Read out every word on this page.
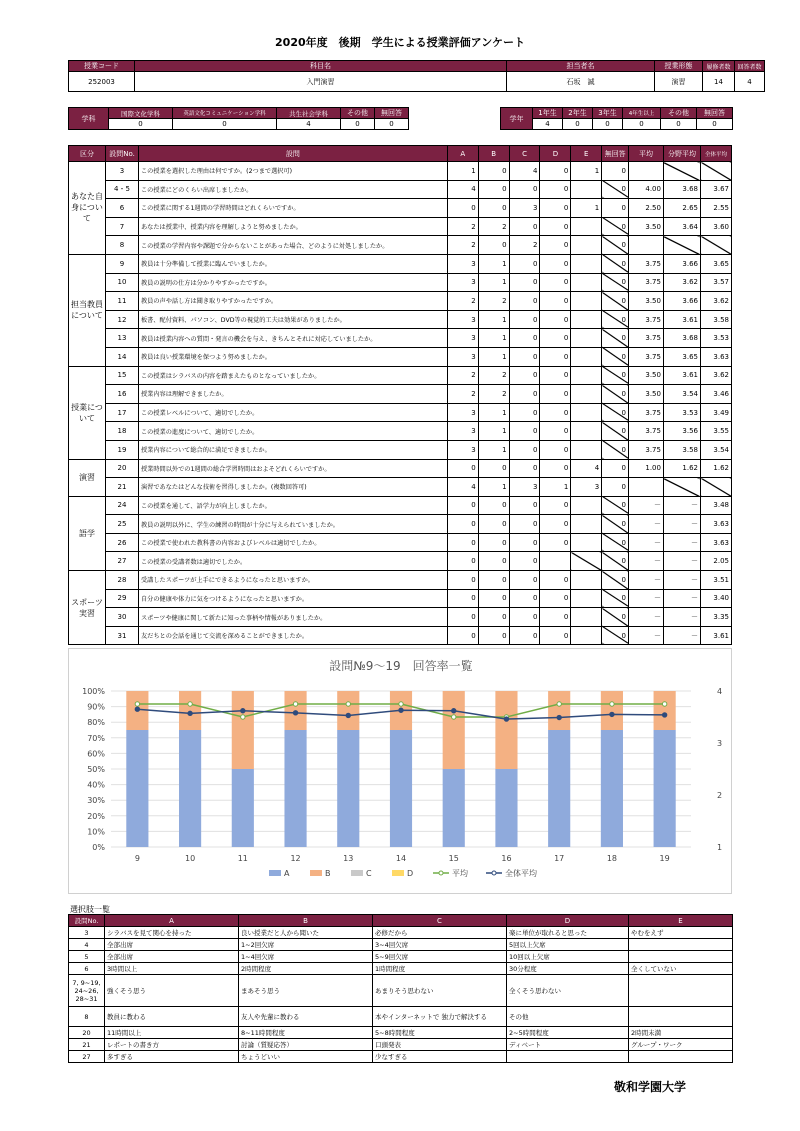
2020年度　後期　学生による授業評価アンケート
授業コード	科目名	担当者名	授業形態	履修者数	回答者数
252003	入門演習	石坂　誠	演習	14	4
学科	国際文化学科	英語文化コミュニケーション学科	共生社会学科	その他	無回答
	0	0	4	0	0
学年	1年生	2年生	3年生	4年生以上	その他	無回答
	4	0	0	0	0	0
区分	設問No.	設問	A	B	C	D	E	無回答	平均	分野平均	全体平均
あなた自身について	3	この授業を選択した理由は何ですか。(2つまで選択可)	1	0	4	0	1	0			
	4・5	この授業にどのくらい出席しましたか。	4	0	0	0		0	4.00	3.68	3.67
	6	この授業に関する1週間の学習時間はどれくらいですか。	0	0	3	0	1	0	2.50	2.65	2.55
	7	あなたは授業中、授業内容を理解しようと努めましたか。	2	2	0	0		0	3.50	3.64	3.60
	8	この授業の学習内容や課題で分からないことがあった場合、どのように対処しましたか。	2	0	2	0		0			
担当教員について	9	教員は十分準備して授業に臨んでいましたか。	3	1	0	0		0	3.75	3.66	3.65
	10	教員の説明の仕方は分かりやすかったですか。	3	1	0	0		0	3.75	3.62	3.57
	11	教員の声や話し方は聞き取りやすかったですか。	2	2	0	0		0	3.50	3.66	3.62
	12	板書、配付資料、パソコン、DVD等の視覚的工夫は効果がありましたか。	3	1	0	0		0	3.75	3.61	3.58
	13	教員は授業内容への質問・発言の機会を与え、きちんとそれに対応していましたか。	3	1	0	0		0	3.75	3.68	3.53
	14	教員は良い授業環境を保つよう努めましたか。	3	1	0	0		0	3.75	3.65	3.63
授業について	15	この授業はシラバスの内容を踏まえたものとなっていましたか。	2	2	0	0		0	3.50	3.61	3.62
	16	授業内容は理解できましたか。	2	2	0	0		0	3.50	3.54	3.46
	17	この授業レベルについて、適切でしたか。	3	1	0	0		0	3.75	3.53	3.49
	18	この授業の進度について、適切でしたか。	3	1	0	0		0	3.75	3.56	3.55
	19	授業内容について総合的に満足できましたか。	3	1	0	0		0	3.75	3.58	3.54
演習	20	授業時間以外での1週間の総合学習時間はおよそどれくらいですか。	0	0	0	0	4	0	1.00	1.62	1.62
	21	演習であなたはどんな技術を習得しましたか。(複数回答可)	4	1	3	1	3	0			
語学	24	この授業を通して、語学力が向上しましたか。	0	0	0	0		0	－	－	3.48
	25	教員の説明以外に、学生の練習の時間が十分に与えられていましたか。	0	0	0	0		0	－	－	3.63
	26	この授業で使われた教科書の内容およびレベルは適切でしたか。	0	0	0	0		0	－	－	3.63
	27	この授業の受講者数は適切でしたか。	0	0	0			0	－	－	2.05
スポーツ実習	28	受講したスポーツが上手にできるようになったと思いますか。	0	0	0	0		0	－	－	3.51
	29	自分の健康や体力に気をつけるようになったと思いますか。	0	0	0	0		0	－	－	3.40
	30	スポーツや健康に関して新たに知った事柄や情報がありましたか。	0	0	0	0		0	－	－	3.35
	31	友だちとの会話を通じて交流を深めることができましたか。	0	0	0	0		0	－	－	3.61
設問№9～19　回答率一覧
0%
10%
20%
30%
40%
50%
60%
70%
80%
90%
100%
1
2
3
4
9	10	11	12	13	14	15	16	17	18	19
A	B	C	D	平均	全体平均
選択肢一覧
設問No.	A	B	C	D	E
3	シラバスを見て関心を持った	良い授業だと人から聞いた	必修だから	楽に単位が取れると思った	やむをえず
4	全部出席	1~2回欠席	3~4回欠席	5回以上欠席	
5	全部出席	1~4回欠席	5~9回欠席	10回以上欠席	
6	3時間以上	2時間程度	1時間程度	30分程度	全くしていない
7, 9~19, 24~26, 28~31	強くそう思う	まあそう思う	あまりそう思わない	全くそう思わない	
8	教員に教わる	友人や先輩に教わる	本やインターネットで 独力で解決する	その他	
20	11時間以上	8~11時間程度	5~8時間程度	2~5時間程度	2時間未満
21	レポートの書き方	討論（質疑応答）	口頭発表	ディベート	グループ・ワーク
27	多すぎる	ちょうどいい	少なすぎる		
敬和学園大学
